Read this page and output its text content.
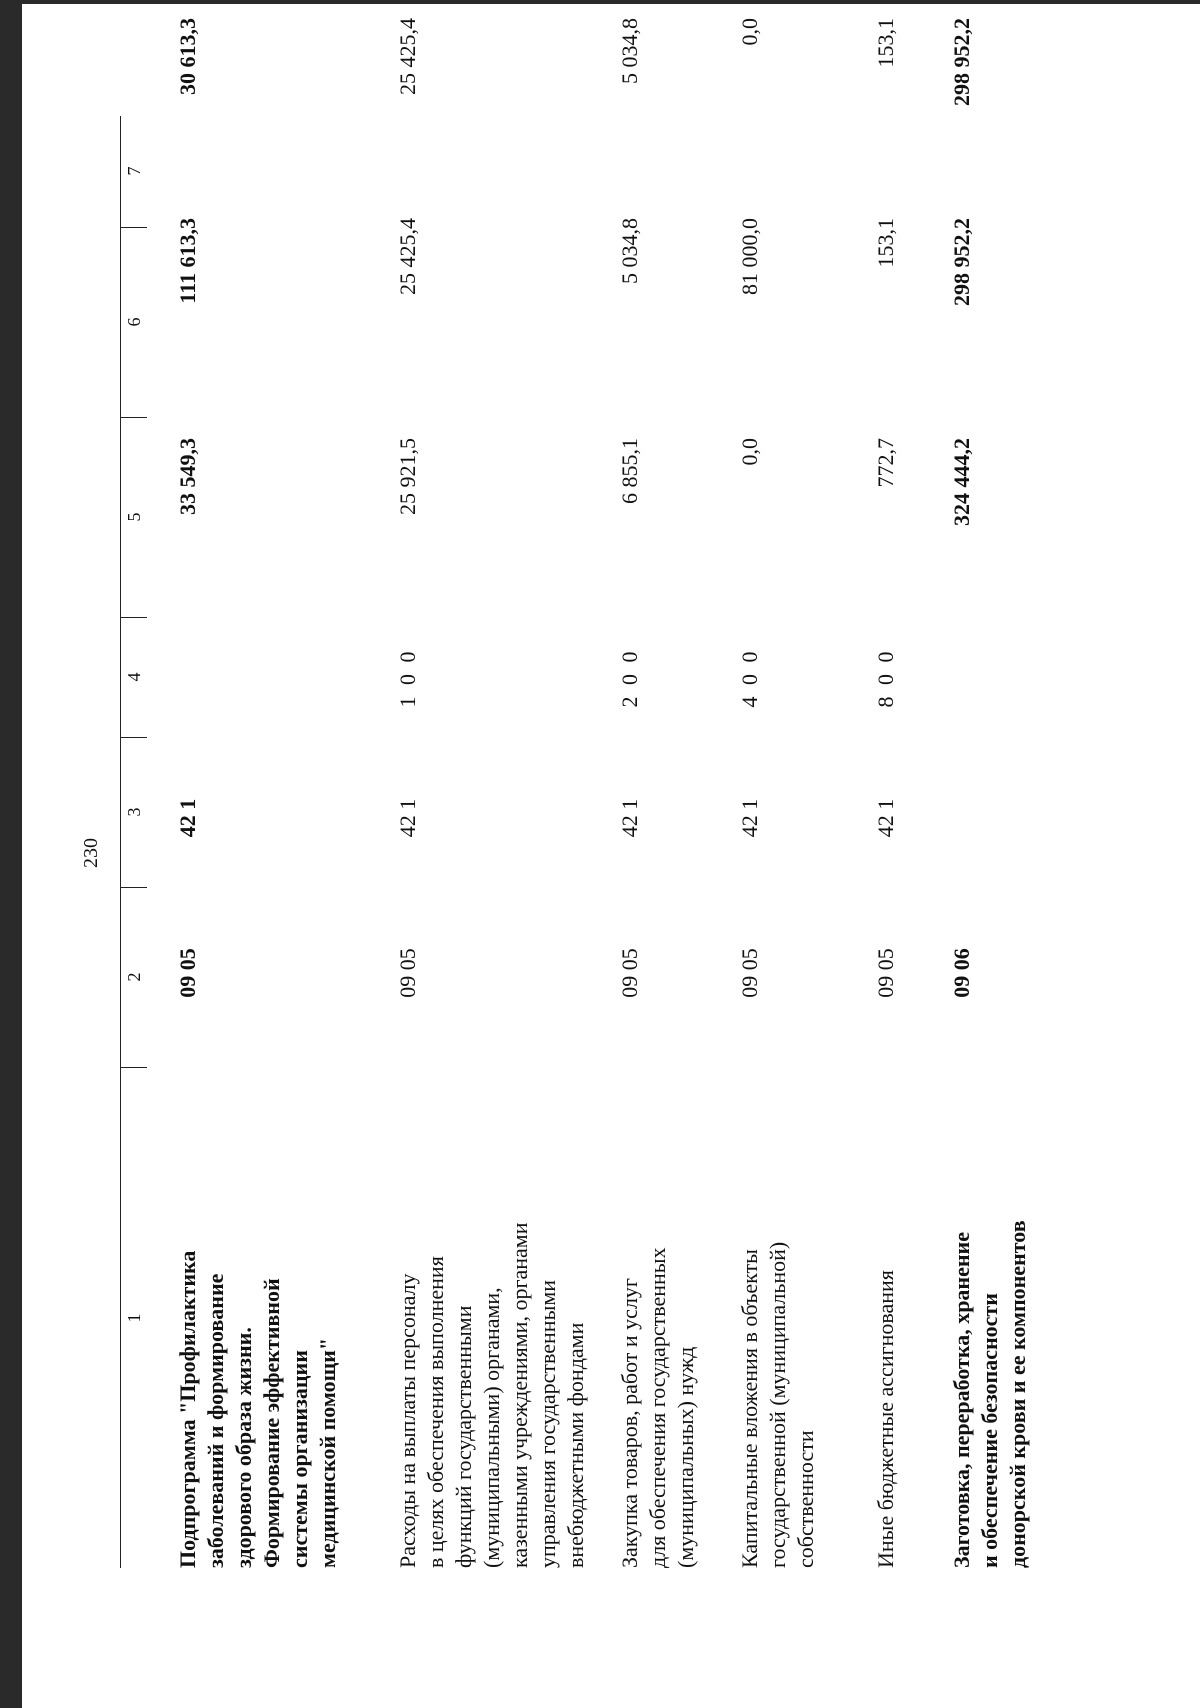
230
1
2
3
4
5
6
7
Подпрограмма "Профилактика заболеваний и формирование здорового образа жизни. Формирование эффективной системы организации медицинской помощи"
09 05
42 1
33 549,3
111 613,3
30 613,3
Расходы на выплаты персоналу в целях обеспечения выполнения функций государственными (муниципальными) органами, казенными учреждениями, органами управления государственными внебюджетными фондами
09 05
42 1
1 0 0
25 921,5
25 425,4
25 425,4
Закупка товаров, работ и услуг для обеспечения государственных (муниципальных) нужд
09 05
42 1
2 0 0
6 855,1
5 034,8
5 034,8
Капитальные вложения в объекты государственной (муниципальной) собственности
09 05
42 1
4 0 0
0,0
81 000,0
0,0
Иные бюджетные ассигнования
09 05
42 1
8 0 0
772,7
153,1
153,1
Заготовка, переработка, хранение и обеспечение безопасности донорской крови и ее компонентов
09 06
324 444,2
298 952,2
298 952,2
